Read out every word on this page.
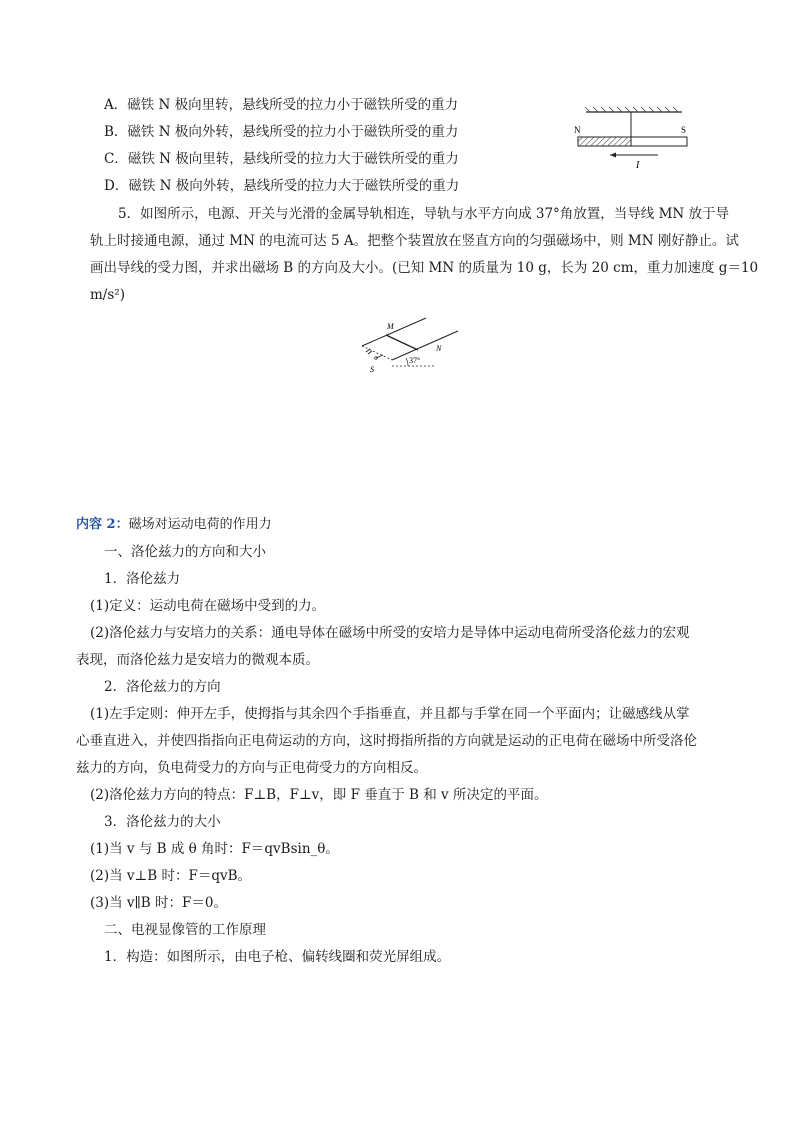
A．磁铁 N 极向里转，悬线所受的拉力小于磁铁所受的重力
B．磁铁 N 极向外转，悬线所受的拉力小于磁铁所受的重力
C．磁铁 N 极向里转，悬线所受的拉力大于磁铁所受的重力
D．磁铁 N 极向外转，悬线所受的拉力大于磁铁所受的重力
N	S
I
5．如图所示，电源、开关与光滑的金属导轨相连，导轨与水平方向成 37°角放置，当导线 MN 放于导
轨上时接通电源，通过 MN 的电流可达 5 A。把整个装置放在竖直方向的匀强磁场中，则 MN 刚好静止。试
画出导线的受力图，并求出磁场 B 的方向及大小。(已知 MN 的质量为 10 g，长为 20 cm，重力加速度 g＝10
m/s²)
M
N
S
37°
内容 2：磁场对运动电荷的作用力
一、洛伦兹力的方向和大小
1．洛伦兹力
(1)定义：运动电荷在磁场中受到的力。
(2)洛伦兹力与安培力的关系：通电导体在磁场中所受的安培力是导体中运动电荷所受洛伦兹力的宏观
表现，而洛伦兹力是安培力的微观本质。
2．洛伦兹力的方向
(1)左手定则：伸开左手，使拇指与其余四个手指垂直，并且都与手掌在同一个平面内；让磁感线从掌
心垂直进入，并使四指指向正电荷运动的方向，这时拇指所指的方向就是运动的正电荷在磁场中所受洛伦
兹力的方向，负电荷受力的方向与正电荷受力的方向相反。
(2)洛伦兹力方向的特点：F⊥B，F⊥v，即 F 垂直于 B 和 v 所决定的平面。
3．洛伦兹力的大小
(1)当 v 与 B 成 θ 角时：F＝qvBsin_θ。
(2)当 v⊥B 时：F＝qvB。
(3)当 v∥B 时：F＝0。
二、电视显像管的工作原理
1．构造：如图所示，由电子枪、偏转线圈和荧光屏组成。
